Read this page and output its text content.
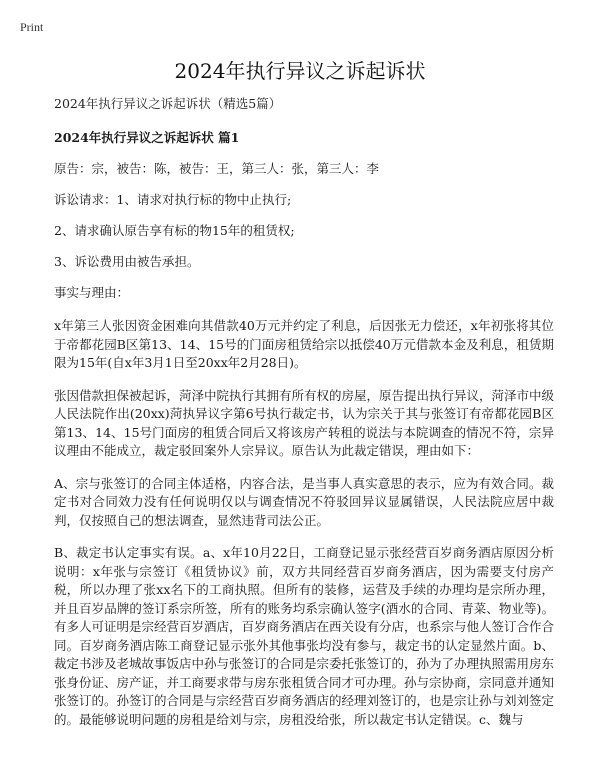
Print
2024年执行异议之诉起诉状

2024年执行异议之诉起诉状（精选5篇）

2024年执行异议之诉起诉状 篇1

原告：宗，被告：陈，被告：王，第三人：张，第三人：李

诉讼请求：1、请求对执行标的物中止执行;

2、请求确认原告享有标的物15年的租赁权;

3、诉讼费用由被告承担。

事实与理由：

x年第三人张因资金困难向其借款40万元并约定了利息，后因张无力偿还，x年初张将其位于帝都花园B区第13、14、15号的门面房租赁给宗以抵偿40万元借款本金及利息，租赁期限为15年(自x年3月1日至20xx年2月28日)。

张因借款担保被起诉，菏泽中院执行其拥有所有权的房屋，原告提出执行异议，菏泽市中级人民法院作出(20xx)菏执异议字第6号执行裁定书，认为宗关于其与张签订有帝都花园B区第13、14、15号门面房的租赁合同后又将该房产转租的说法与本院调查的情况不符，宗异议理由不能成立，裁定驳回案外人宗异议。原告认为此裁定错误，理由如下：

A、宗与张签订的合同主体适格，内容合法，是当事人真实意思的表示，应为有效合同。裁定书对合同效力没有任何说明仅以与调查情况不符驳回异议显属错误，人民法院应居中裁判，仅按照自己的想法调查，显然违背司法公正。

B、裁定书认定事实有误。a、x年10月22日，工商登记显示张经营百岁商务酒店原因分析说明：x年张与宗签订《租赁协议》前，双方共同经营百岁商务酒店，因为需要支付房产税，所以办理了张xx名下的工商执照。但所有的装修，运营及手续的办理均是宗所办理，并且百岁品牌的签订系宗所签，所有的账务均系宗确认签字(酒水的合同、青菜、物业等)。有多人可证明是宗经营百岁酒店，百岁商务酒店在西关设有分店，也系宗与他人签订合作合同。百岁商务酒店陈工商登记显示张外其他事张均没有参与，裁定书的认定显然片面。b、裁定书涉及老城故事饭店中孙与张签订的合同是宗委托张签订的，孙为了办理执照需用房东张身份证、房产证，并工商要求带与房东张租赁合同才可办理。孙与宗协商，宗同意并通知张签订的。孙签订的合同是与宗经营百岁商务酒店的经理刘签订的，也是宗让孙与刘刘签定的。最能够说明问题的房租是给刘与宗，房租没给张，所以裁定书认定错误。c、魏与
